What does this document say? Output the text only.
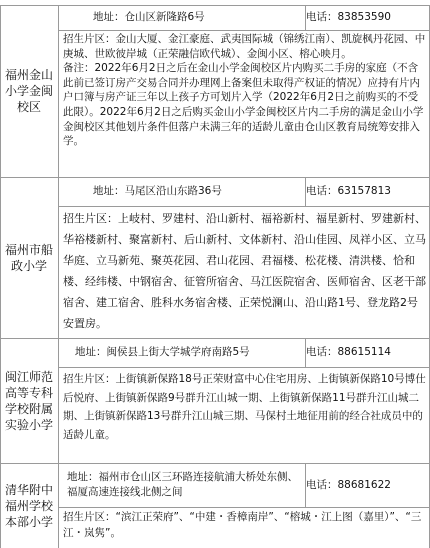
福州金山小学金闽校区
地址：仓山区新隆路6号	电话：83853590
招生片区：金山大厦、金江豪庭、武夷国际城（锦绣江南）、凯旋枫丹花园、中庚城、世欧彼岸城（正荣融信欧代城）、金闽小区、榕心映月。
备注：2022年6月2日之后在金山小学金闽校区片内购买二手房的家庭（不含此前已签订房产交易合同并办理网上备案但未取得产权证的情况）应持有片内户口簿与房产证三年以上孩子方可划片入学（2022年6月2日之前购买的不受此限）。2022年6月2日之后购买金山小学金闽校区片内二手房的满足金山小学金闽校区其他划片条件但落户未满三年的适龄儿童由仓山区教育局统筹安排入学。
福州市船政小学
地址：马尾区沿山东路36号	电话：63157813
招生片区：上岐村、罗建村、沿山新村、福裕新村、福星新村、罗建新村、华裕楼新村、聚富新村、后山新村、文体新村、沿山佳园、凤祥小区、立马华庭、立马新苑、聚英花园、君山花园、君福楼、松花楼、清洪楼、恰和楼、经纬楼、中钢宿舍、征管所宿舍、马江医院宿舍、医师宿舍、区老干部宿舍、建工宿舍、胜科水务宿舍楼、正荣悦澜山、沿山路1号、登龙路2号安置房。
闽江师范高等专科学校附属实验小学
地址：闽侯县上街大学城学府南路5号	电话：88615114
招生片区：上街镇新保路18号正荣财富中心住宅用房、上街镇新保路10号博仕后悦府、上街镇新保路9号群升江山城一期、上街镇新保路11号群升江山城二期、上街镇新保路13号群升江山城三期、马保村土地征用前的经合社成员中的适龄儿童。
清华附中福州学校本部小学
地址：福州市仓山区三环路连接航浦大桥处东侧、福厦高速连接线北侧之间
电话：88681622
招生片区：“滨江正荣府”、“中建・香樟南岸”、“榕城・江上图（嘉里）”、“三江・岚隽”。
